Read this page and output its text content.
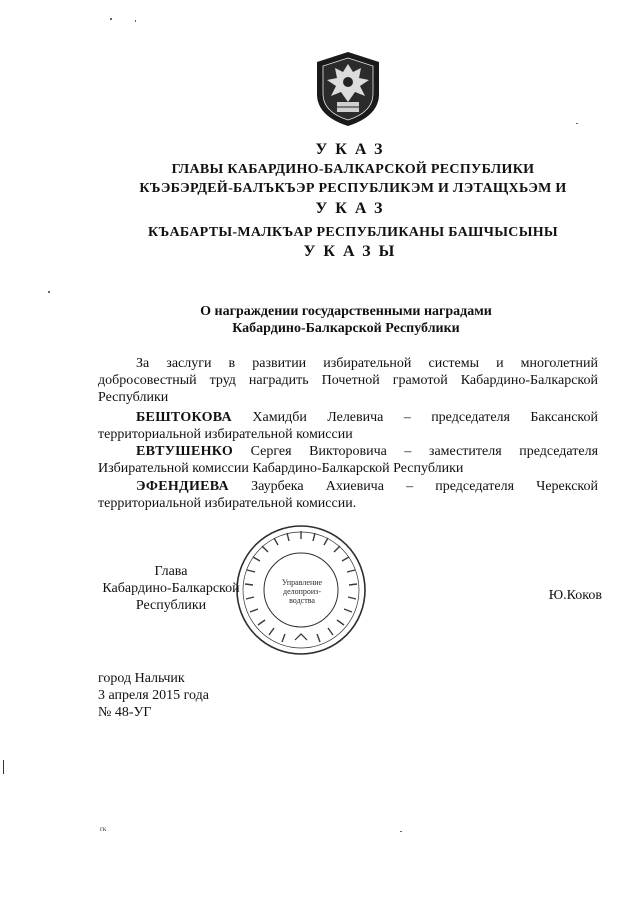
УКАЗ
ГЛАВЫ КАБАРДИНО-БАЛКАРСКОЙ РЕСПУБЛИКИ
КЪЭБЭРДЕЙ-БАЛЪКЪЭР РЕСПУБЛИКЭМ И ЛЭТАЩХЬЭМ И
УКАЗ
КЪАБАРТЫ-МАЛКЪАР РЕСПУБЛИКАНЫ БАШЧЫСЫНЫ
УКАЗЫ
О награждении государственными наградами
Кабардино-Балкарской Республики
За заслуги в развитии избирательной системы и многолетний
добросовестный труд наградить Почетной грамотой Кабардино-Балкарской
Республики
БЕШТОКОВА Хамидби Лелевича – председателя Баксанской
территориальной избирательной комиссии
ЕВТУШЕНКО Сергея Викторовича – заместителя председателя
Избирательной комиссии Кабардино-Балкарской Республики
ЭФЕНДИЕВА Заурбека Ахиевича – председателя Черекской
территориальной избирательной комиссии.
Управление
делопроиз-
водства
Глава
Кабардино-Балкарской
Республики
Ю.Коков
город Нальчик
3 апреля 2015 года
№ 48-УГ
гк
